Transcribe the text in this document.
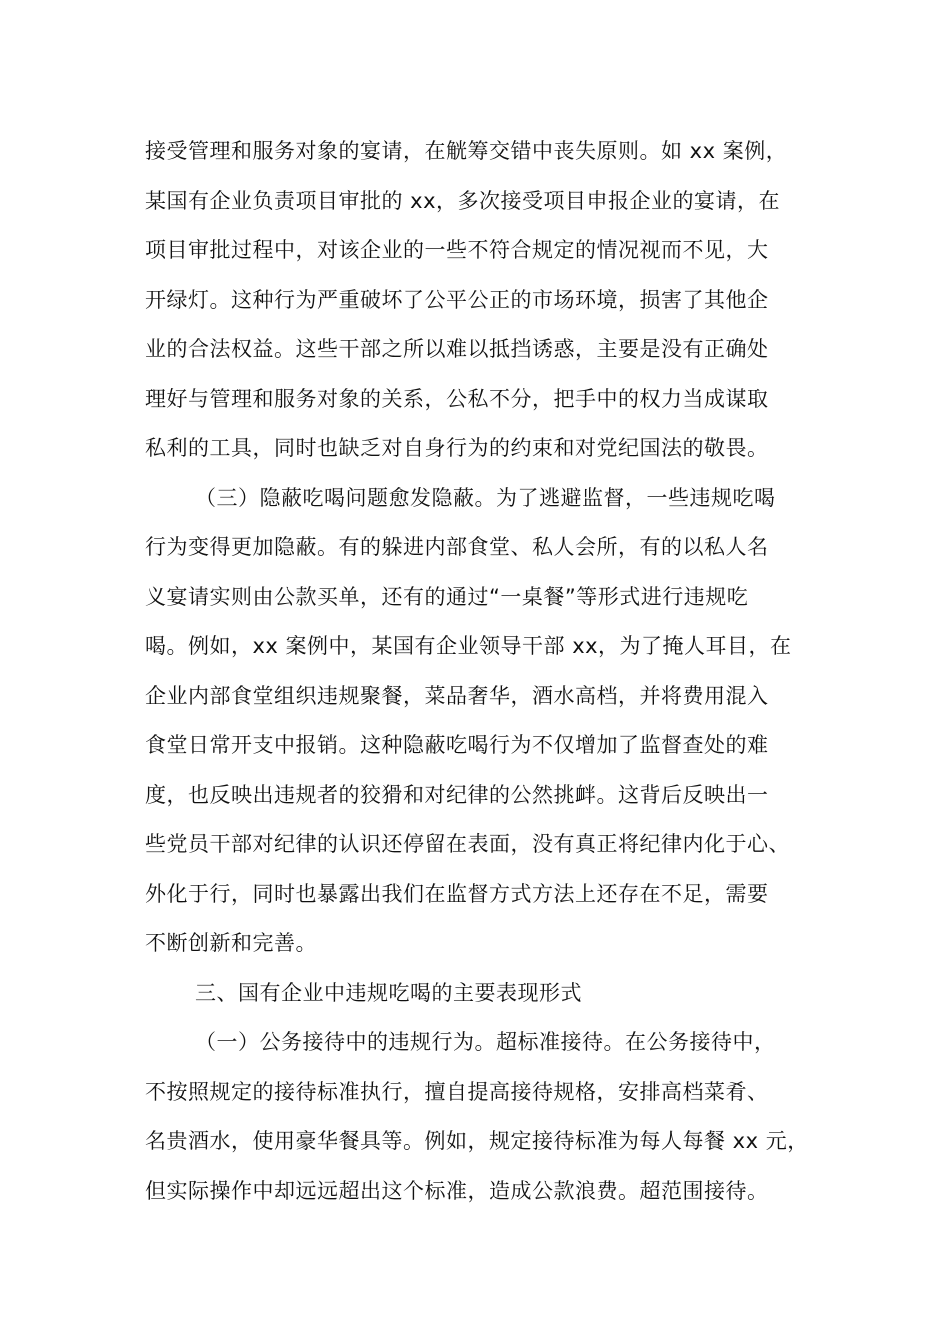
接受管理和服务对象的宴请，在觥筹交错中丧失原则。如 xx 案例，
某国有企业负责项目审批的 xx，多次接受项目申报企业的宴请，在
项目审批过程中，对该企业的一些不符合规定的情况视而不见，大
开绿灯。这种行为严重破坏了公平公正的市场环境，损害了其他企
业的合法权益。这些干部之所以难以抵挡诱惑，主要是没有正确处
理好与管理和服务对象的关系，公私不分，把手中的权力当成谋取
私利的工具，同时也缺乏对自身行为的约束和对党纪国法的敬畏。
（三）隐蔽吃喝问题愈发隐蔽。为了逃避监督，一些违规吃喝
行为变得更加隐蔽。有的躲进内部食堂、私人会所，有的以私人名
义宴请实则由公款买单，还有的通过“一桌餐”等形式进行违规吃
喝。例如，xx 案例中，某国有企业领导干部 xx，为了掩人耳目，在
企业内部食堂组织违规聚餐，菜品奢华，酒水高档，并将费用混入
食堂日常开支中报销。这种隐蔽吃喝行为不仅增加了监督查处的难
度，也反映出违规者的狡猾和对纪律的公然挑衅。这背后反映出一
些党员干部对纪律的认识还停留在表面，没有真正将纪律内化于心、
外化于行，同时也暴露出我们在监督方式方法上还存在不足，需要
不断创新和完善。
三、国有企业中违规吃喝的主要表现形式
（一）公务接待中的违规行为。超标准接待。在公务接待中，
不按照规定的接待标准执行，擅自提高接待规格，安排高档菜肴、
名贵酒水，使用豪华餐具等。例如，规定接待标准为每人每餐 xx 元，
但实际操作中却远远超出这个标准，造成公款浪费。超范围接待。
